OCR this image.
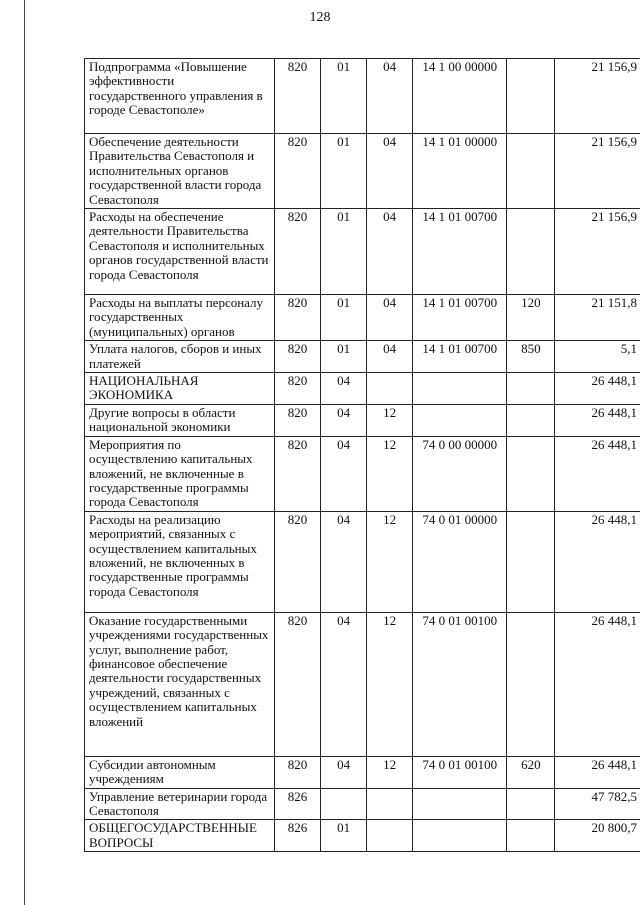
128
Подпрограмма «Повышение эффективности государственного управления в городе Севастополе»	820	01	04	14 1 00 00000		21 156,9
Обеспечение деятельности Правительства Севастополя и исполнительных органов государственной власти города Севастополя	820	01	04	14 1 01 00000		21 156,9
Расходы на обеспечение деятельности Правительства Севастополя и исполнительных органов государственной власти города Севастополя	820	01	04	14 1 01 00700		21 156,9
Расходы на выплаты персоналу государственных (муниципальных) органов	820	01	04	14 1 01 00700	120	21 151,8
Уплата налогов, сборов и иных платежей	820	01	04	14 1 01 00700	850	5,1
НАЦИОНАЛЬНАЯ ЭКОНОМИКА	820	04				26 448,1
Другие вопросы в области национальной экономики	820	04	12			26 448,1
Мероприятия по осуществлению капитальных вложений, не включенные в государственные программы города Севастополя	820	04	12	74 0 00 00000		26 448,1
Расходы на реализацию мероприятий, связанных с осуществлением капитальных вложений, не включенных в государственные программы города Севастополя	820	04	12	74 0 01 00000		26 448,1
Оказание государственными учреждениями государственных услуг, выполнение работ, финансовое обеспечение деятельности государственных учреждений, связанных с осуществлением капитальных вложений	820	04	12	74 0 01 00100		26 448,1
Субсидии автономным учреждениям	820	04	12	74 0 01 00100	620	26 448,1
Управление ветеринарии города Севастополя	826					47 782,5
ОБЩЕГОСУДАРСТВЕННЫЕ ВОПРОСЫ	826	01				20 800,7
